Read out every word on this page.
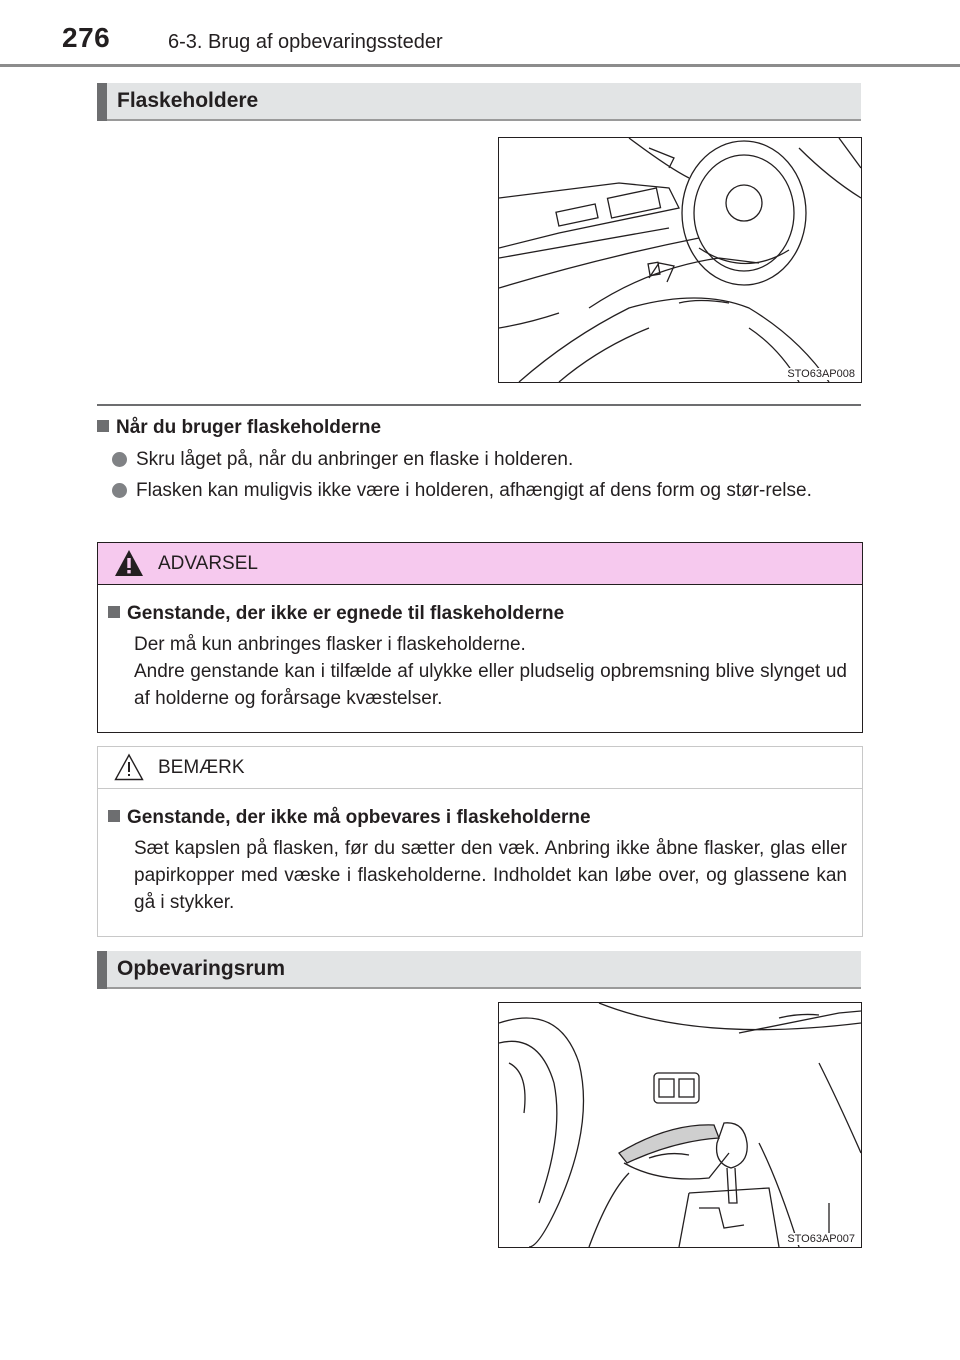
276	6-3. Brug af opbevaringssteder
Flaskeholdere
STO63AP008
Når du bruger flaskeholderne
Skru låget på, når du anbringer en flaske i holderen.
Flasken kan muligvis ikke være i holderen, afhængigt af dens form og stør-relse.
ADVARSEL
Genstande, der ikke er egnede til flaskeholderne
Der må kun anbringes flasker i flaskeholderne.
Andre genstande kan i tilfælde af ulykke eller pludselig opbremsning blive slynget ud af holderne og forårsage kvæstelser.
BEMÆRK
Genstande, der ikke må opbevares i flaskeholderne
Sæt kapslen på flasken, før du sætter den væk. Anbring ikke åbne flasker, glas eller papirkopper med væske i flaskeholderne. Indholdet kan løbe over, og glassene kan gå i stykker.
Opbevaringsrum
STO63AP007
